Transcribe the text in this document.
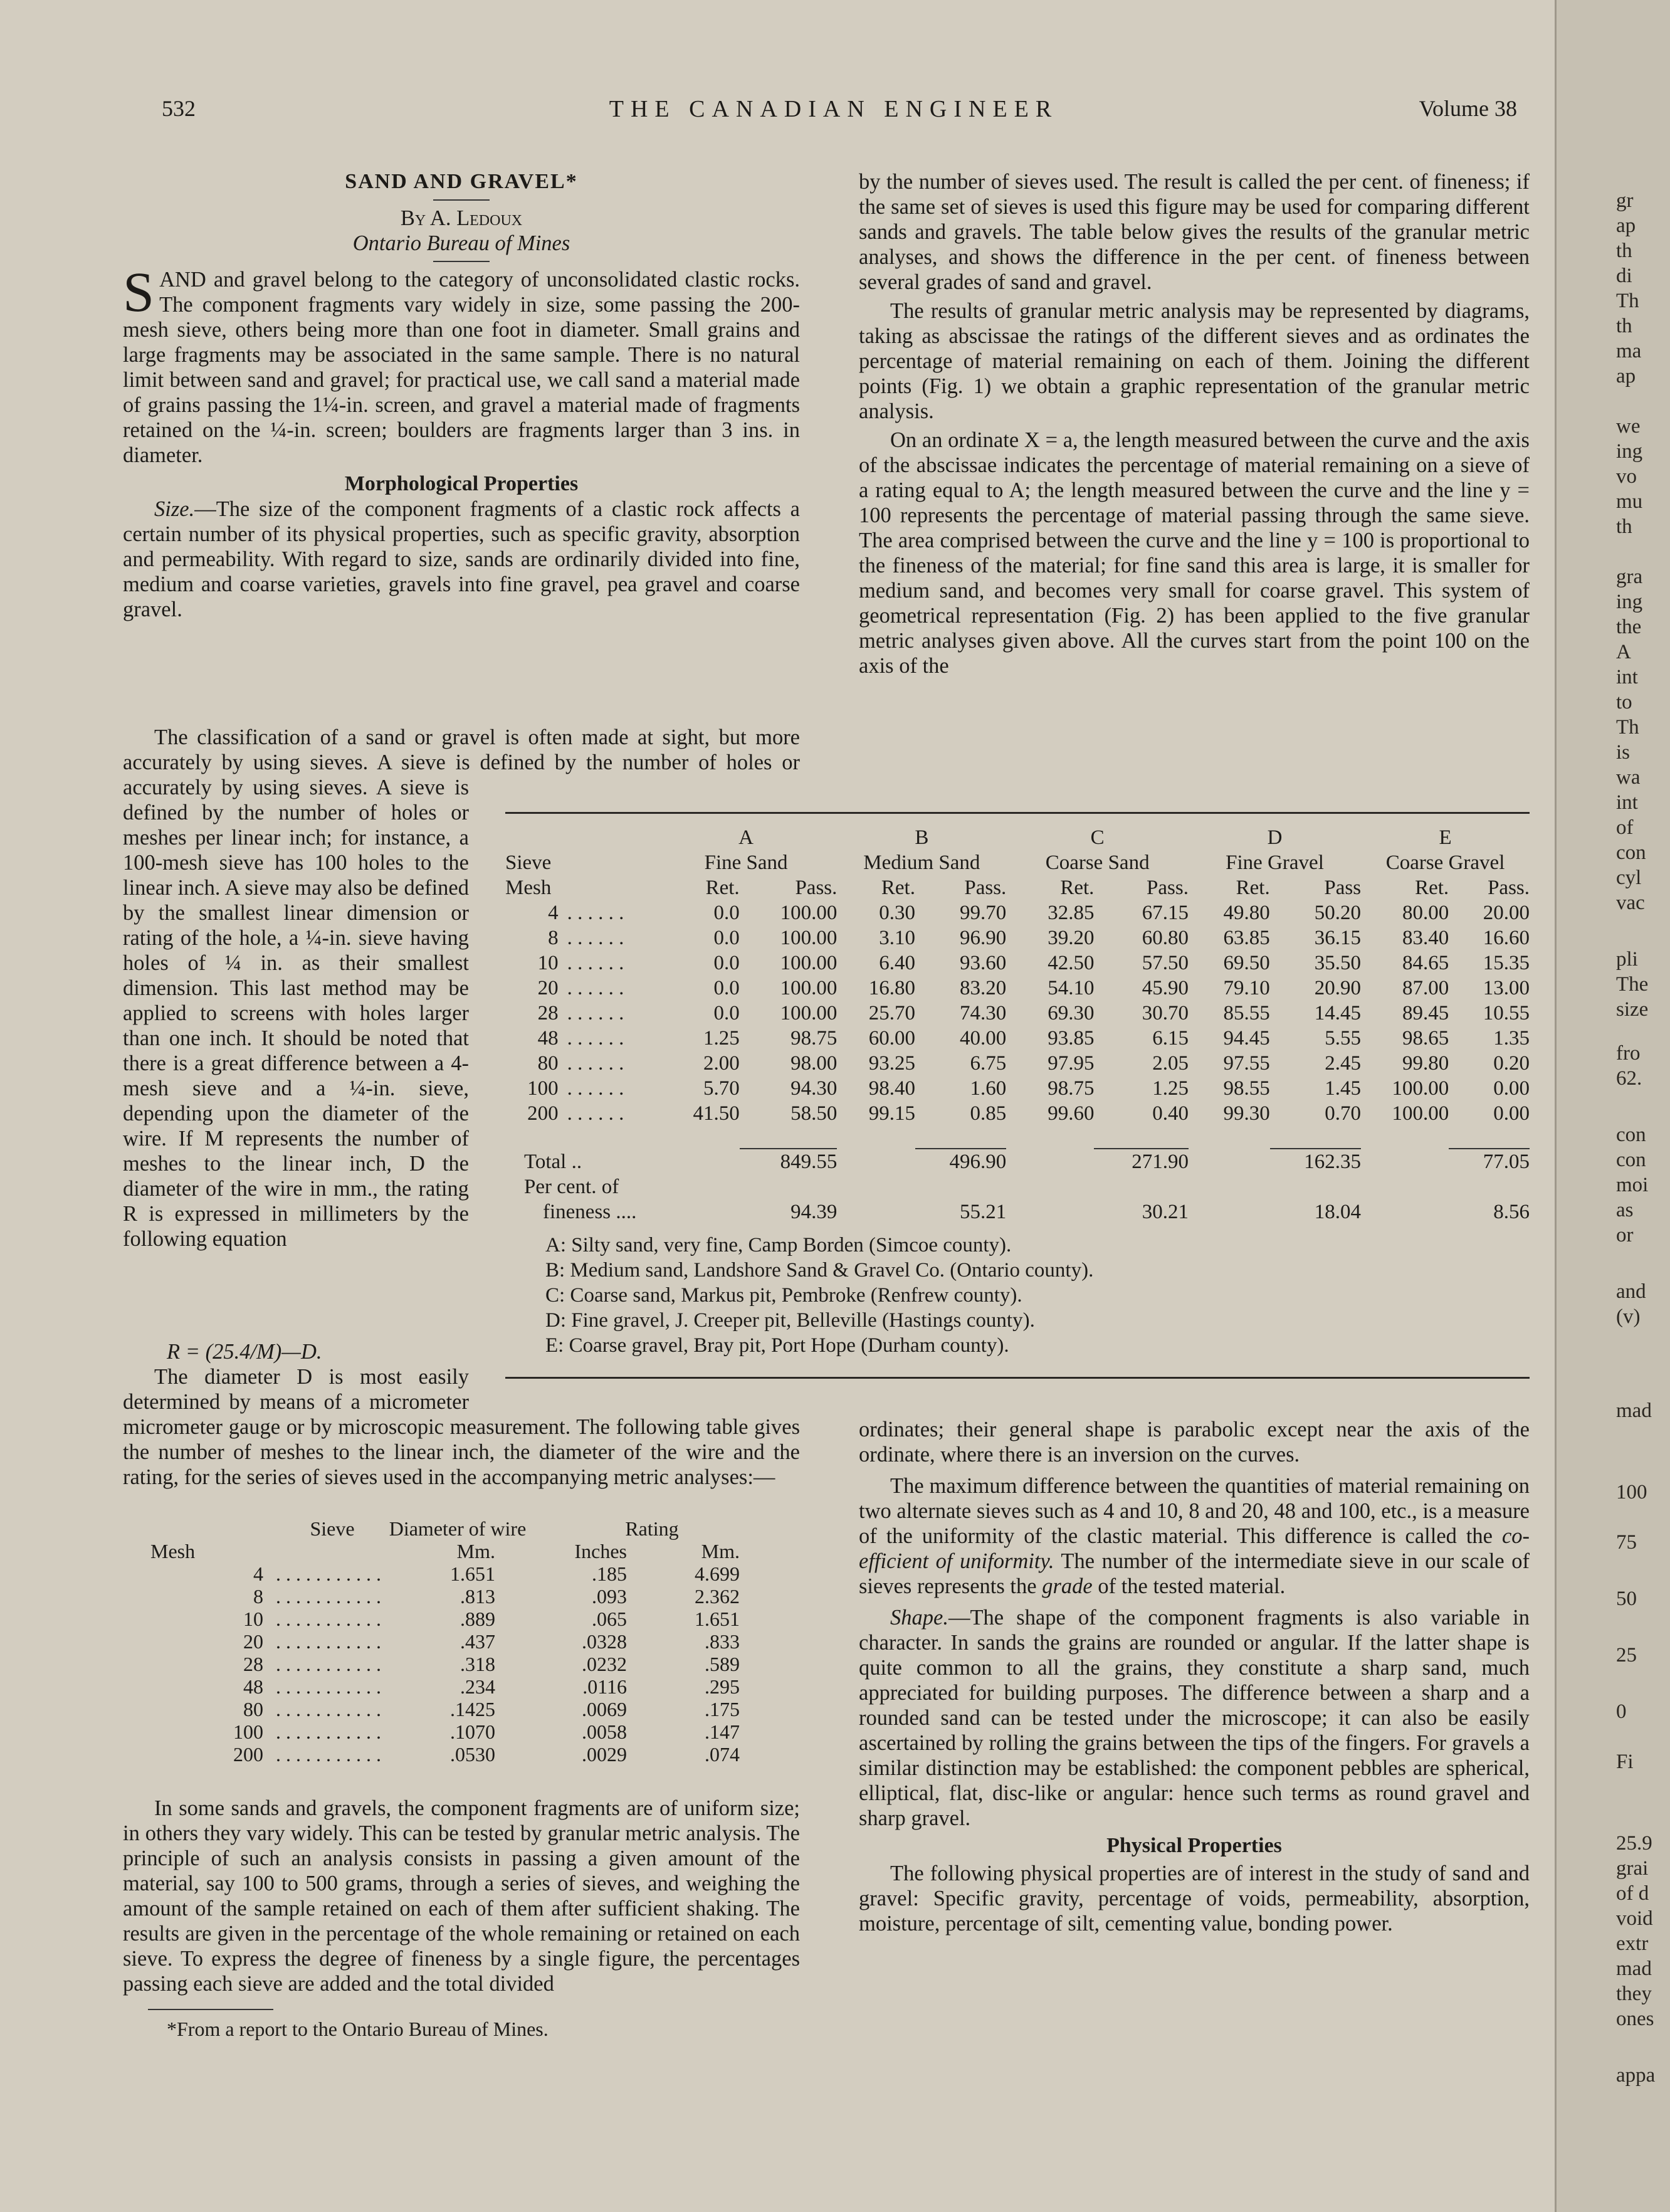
532	THE CANADIAN ENGINEER	Volume 38
SAND AND GRAVEL*
By A. Ledoux
Ontario Bureau of Mines

SAND and gravel belong to the category of unconsolidated clastic rocks. The component fragments vary widely in size, some passing the 200-mesh sieve, others being more than one foot in diameter. Small grains and large fragments may be associated in the same sample. There is no natural limit between sand and gravel; for practical use, we call sand a material made of grains passing the 1¼-in. screen, and gravel a material made of fragments retained on the ¼-in. screen; boulders are fragments larger than 3 ins. in diameter.

Morphological Properties

Size.—The size of the component fragments of a clastic rock affects a certain number of its physical properties, such as specific gravity, absorption and permeability. With regard to size, sands are ordinarily divided into fine, medium and coarse varieties, gravels into fine gravel, pea gravel and coarse gravel.

The classification of a sand or gravel is often made at sight, but more accurately by using sieves. A sieve is defined by the number of holes or

accurately by using sieves. A sieve is defined by the number of holes or meshes per linear inch; for instance, a 100-mesh sieve has 100 holes to the linear inch. A sieve may also be defined by the smallest linear dimension or rating of the hole, a ¼-in. sieve having holes of ¼ in. as their smallest dimension. This last method may be applied to screens with holes larger than one inch. It should be noted that there is a great difference between a 4-mesh sieve and a ¼-in. sieve, depending upon the diameter of the wire. If M represents the number of meshes to the linear inch, D the diameter of the wire in mm., the rating R is expressed in millimeters by the following equation

R = (25.4/M)—D.

The diameter D is most easily determined by means of a micrometer

micrometer gauge or by microscopic measurement. The following table gives the number of meshes to the linear inch, the diameter of the wire and the rating, for the series of sieves used in the accompanying metric analyses:—

	Sieve	Diameter of wire	Rating	
Mesh		Mm.	Inches	Mm.
4	. . . . . . . . . . .	1.651	.185	4.699
8	. . . . . . . . . . .	.813	.093	2.362
10	. . . . . . . . . . .	.889	.065	1.651
20	. . . . . . . . . . .	.437	.0328	.833
28	. . . . . . . . . . .	.318	.0232	.589
48	. . . . . . . . . . .	.234	.0116	.295
80	. . . . . . . . . . .	.1425	.0069	.175
100	. . . . . . . . . . .	.1070	.0058	.147
200	. . . . . . . . . . .	.0530	.0029	.074

In some sands and gravels, the component fragments are of uniform size; in others they vary widely. This can be tested by granular metric analysis. The principle of such an analysis consists in passing a given amount of the material, say 100 to 500 grams, through a series of sieves, and weighing the amount of the sample retained on each of them after sufficient shaking. The results are given in the percentage of the whole remaining or retained on each sieve. To express the degree of fineness by a single figure, the percentages passing each sieve are added and the total divided

*From a report to the Ontario Bureau of Mines.

by the number of sieves used. The result is called the per cent. of fineness; if the same set of sieves is used this figure may be used for comparing different sands and gravels. The table below gives the results of the granular metric analyses, and shows the difference in the per cent. of fineness between several grades of sand and gravel.

The results of granular metric analysis may be represented by diagrams, taking as abscissae the ratings of the different sieves and as ordinates the percentage of material remaining on each of them. Joining the different points (Fig. 1) we obtain a graphic representation of the granular metric analysis.

On an ordinate X = a, the length measured between the curve and the axis of the abscissae indicates the percentage of material remaining on a sieve of a rating equal to A; the length measured between the curve and the line y = 100 represents the percentage of material passing through the same sieve. The area comprised between the curve and the line y = 100 is proportional to the fineness of the material; for fine sand this area is large, it is smaller for medium sand, and becomes very small for coarse gravel. This system of geometrical representation (Fig. 2) has been applied to the five granular metric analyses given above. All the curves start from the point 100 on the axis of the

		A		B		C		D		E	
Sieve		Fine Sand		Medium Sand		Coarse Sand		Fine Gravel		Coarse Gravel	
Mesh		Ret.	Pass.	Ret.	Pass.	Ret.	Pass.	Ret.	Pass	Ret.	Pass.
4	. . . . . .	0.0	100.00	0.30	99.70	32.85	67.15	49.80	50.20	80.00	20.00
8	. . . . . .	0.0	100.00	3.10	96.90	39.20	60.80	63.85	36.15	83.40	16.60
10	. . . . . .	0.0	100.00	6.40	93.60	42.50	57.50	69.50	35.50	84.65	15.35
20	. . . . . .	0.0	100.00	16.80	83.20	54.10	45.90	79.10	20.90	87.00	13.00
28	. . . . . .	0.0	100.00	25.70	74.30	69.30	30.70	85.55	14.45	89.45	10.55
48	. . . . . .	1.25	98.75	60.00	40.00	93.85	6.15	94.45	5.55	98.65	1.35
80	. . . . . .	2.00	98.00	93.25	6.75	97.95	2.05	97.55	2.45	99.80	0.20
100	. . . . . .	5.70	94.30	98.40	1.60	98.75	1.25	98.55	1.45	100.00	0.00
200	. . . . . .	41.50	58.50	99.15	0.85	99.60	0.40	99.30	0.70	100.00	0.00

Total ..			849.55		496.90		271.90		162.35		77.05
Per cent. of											
fineness ....			94.39		55.21		30.21		18.04		8.56
A: Silty sand, very fine, Camp Borden (Simcoe county).
B: Medium sand, Landshore Sand & Gravel Co. (Ontario county).
C: Coarse sand, Markus pit, Pembroke (Renfrew county).
D: Fine gravel, J. Creeper pit, Belleville (Hastings county).
E: Coarse gravel, Bray pit, Port Hope (Durham county).

ordinates; their general shape is parabolic except near the axis of the ordinate, where there is an inversion on the curves.

The maximum difference between the quantities of material remaining on two alternate sieves such as 4 and 10, 8 and 20, 48 and 100, etc., is a measure of the uniformity of the clastic material. This difference is called the co-efficient of uniformity. The number of the intermediate sieve in our scale of sieves represents the grade of the tested material.

Shape.—The shape of the component fragments is also variable in character. In sands the grains are rounded or angular. If the latter shape is quite common to all the grains, they constitute a sharp sand, much appreciated for building purposes. The difference between a sharp and a rounded sand can be tested under the microscope; it can also be easily ascertained by rolling the grains between the tips of the fingers. For gravels a similar distinction may be established: the component pebbles are spherical, elliptical, flat, disc-like or angular: hence such terms as round gravel and sharp gravel.

Physical Properties

The following physical properties are of interest in the study of sand and gravel: Specific gravity, percentage of voids, permeability, absorption, moisture, percentage of silt, cementing value, bonding power.

gr
ap
th
di
Th
th
ma
ap
we
ing
vo
mu
th
gra
ing
the
A
int
to
Th
is
wa
int
of
con
cyl
vac
pli
The
size
fro
62.
con
con
moi
as
or
and
(v)
mad
100
75
50
25
0
Fi
25.9
grai
of d
void
extr
mad
they
ones
appa
